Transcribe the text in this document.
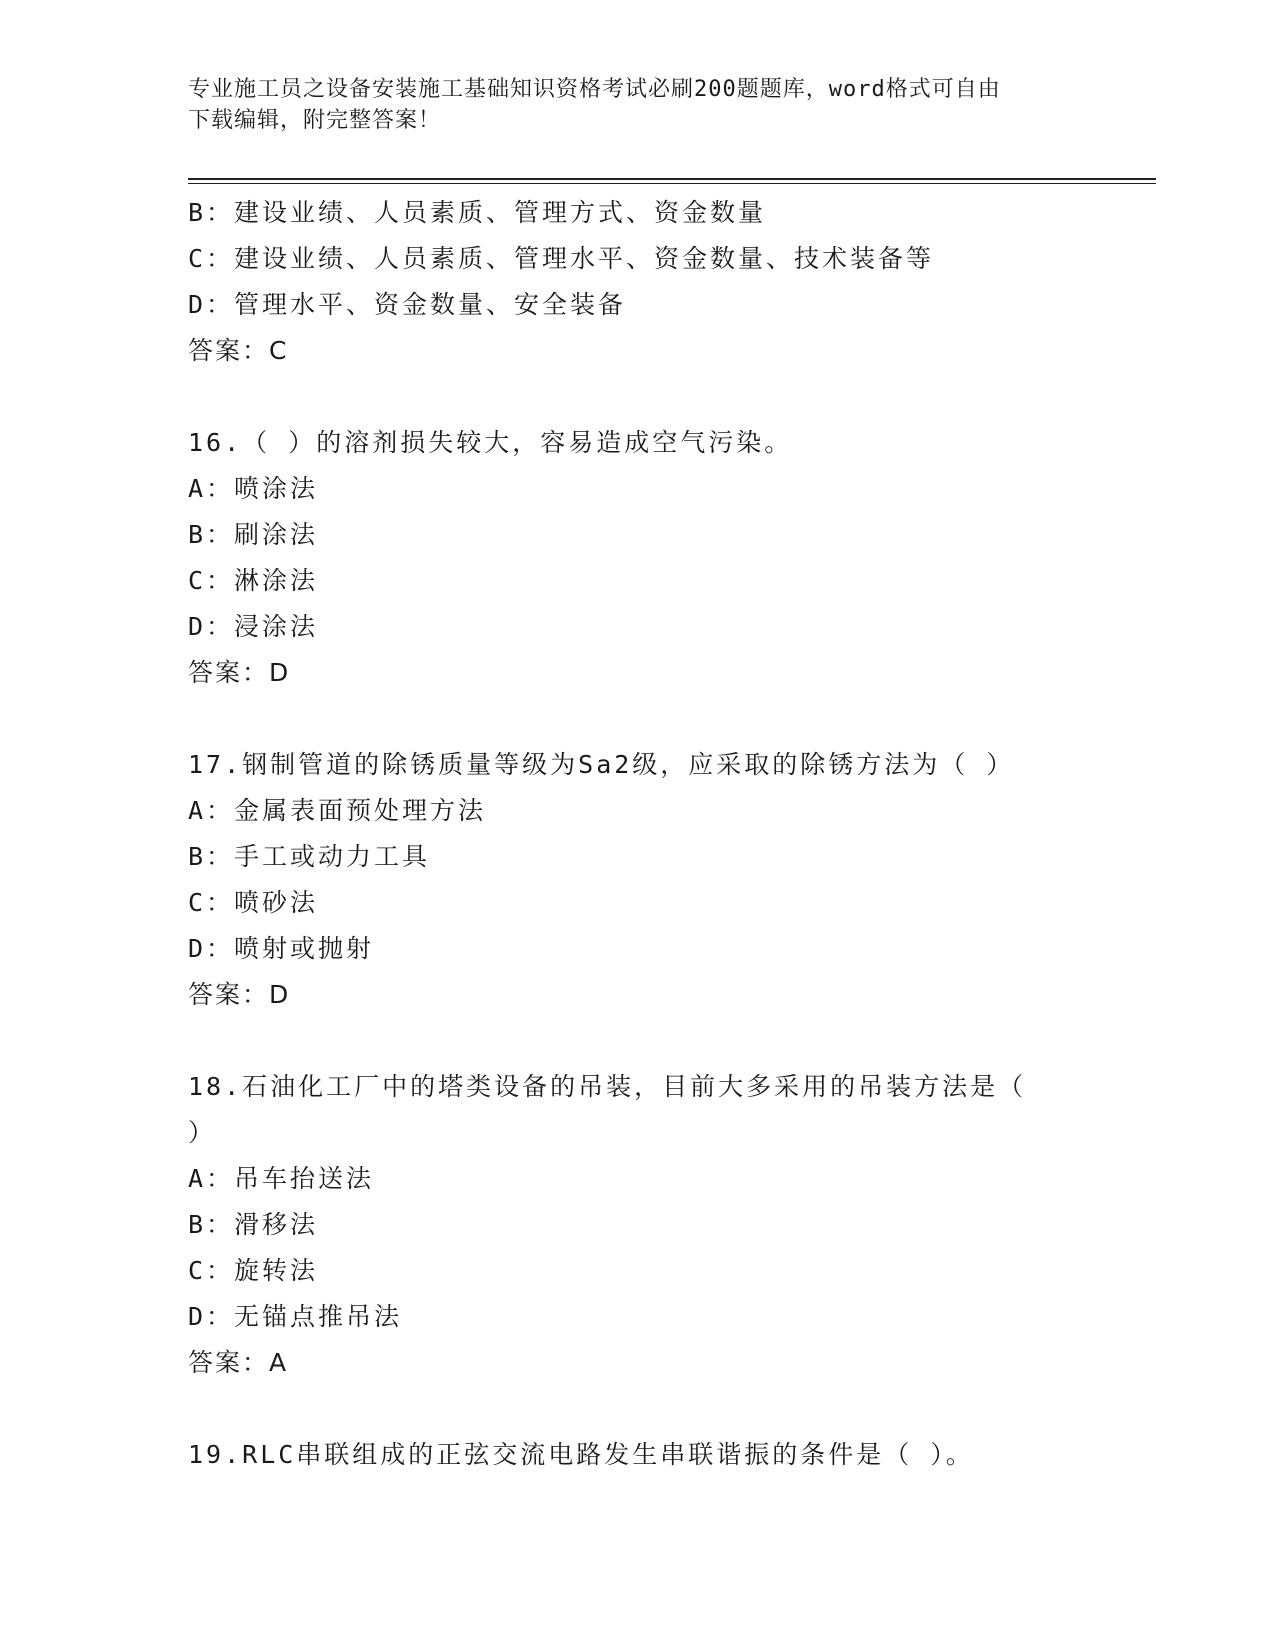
专业施工员之设备安装施工基础知识资格考试必刷200题题库，word格式可自由
下载编辑，附完整答案！
B：建设业绩、人员素质、管理方式、资金数量
C：建设业绩、人员素质、管理水平、资金数量、技术装备等
D：管理水平、资金数量、安全装备
答案：C
16.（ ）的溶剂损失较大，容易造成空气污染。
A：喷涂法
B：刷涂法
C：淋涂法
D：浸涂法
答案：D
17.钢制管道的除锈质量等级为Sa2级，应采取的除锈方法为（ ）
A：金属表面预处理方法
B：手工或动力工具
C：喷砂法
D：喷射或抛射
答案：D
18.石油化工厂中的塔类设备的吊装，目前大多采用的吊装方法是（
）
A：吊车抬送法
B：滑移法
C：旋转法
D：无锚点推吊法
答案：A
19.RLC串联组成的正弦交流电路发生串联谐振的条件是（ ）。
